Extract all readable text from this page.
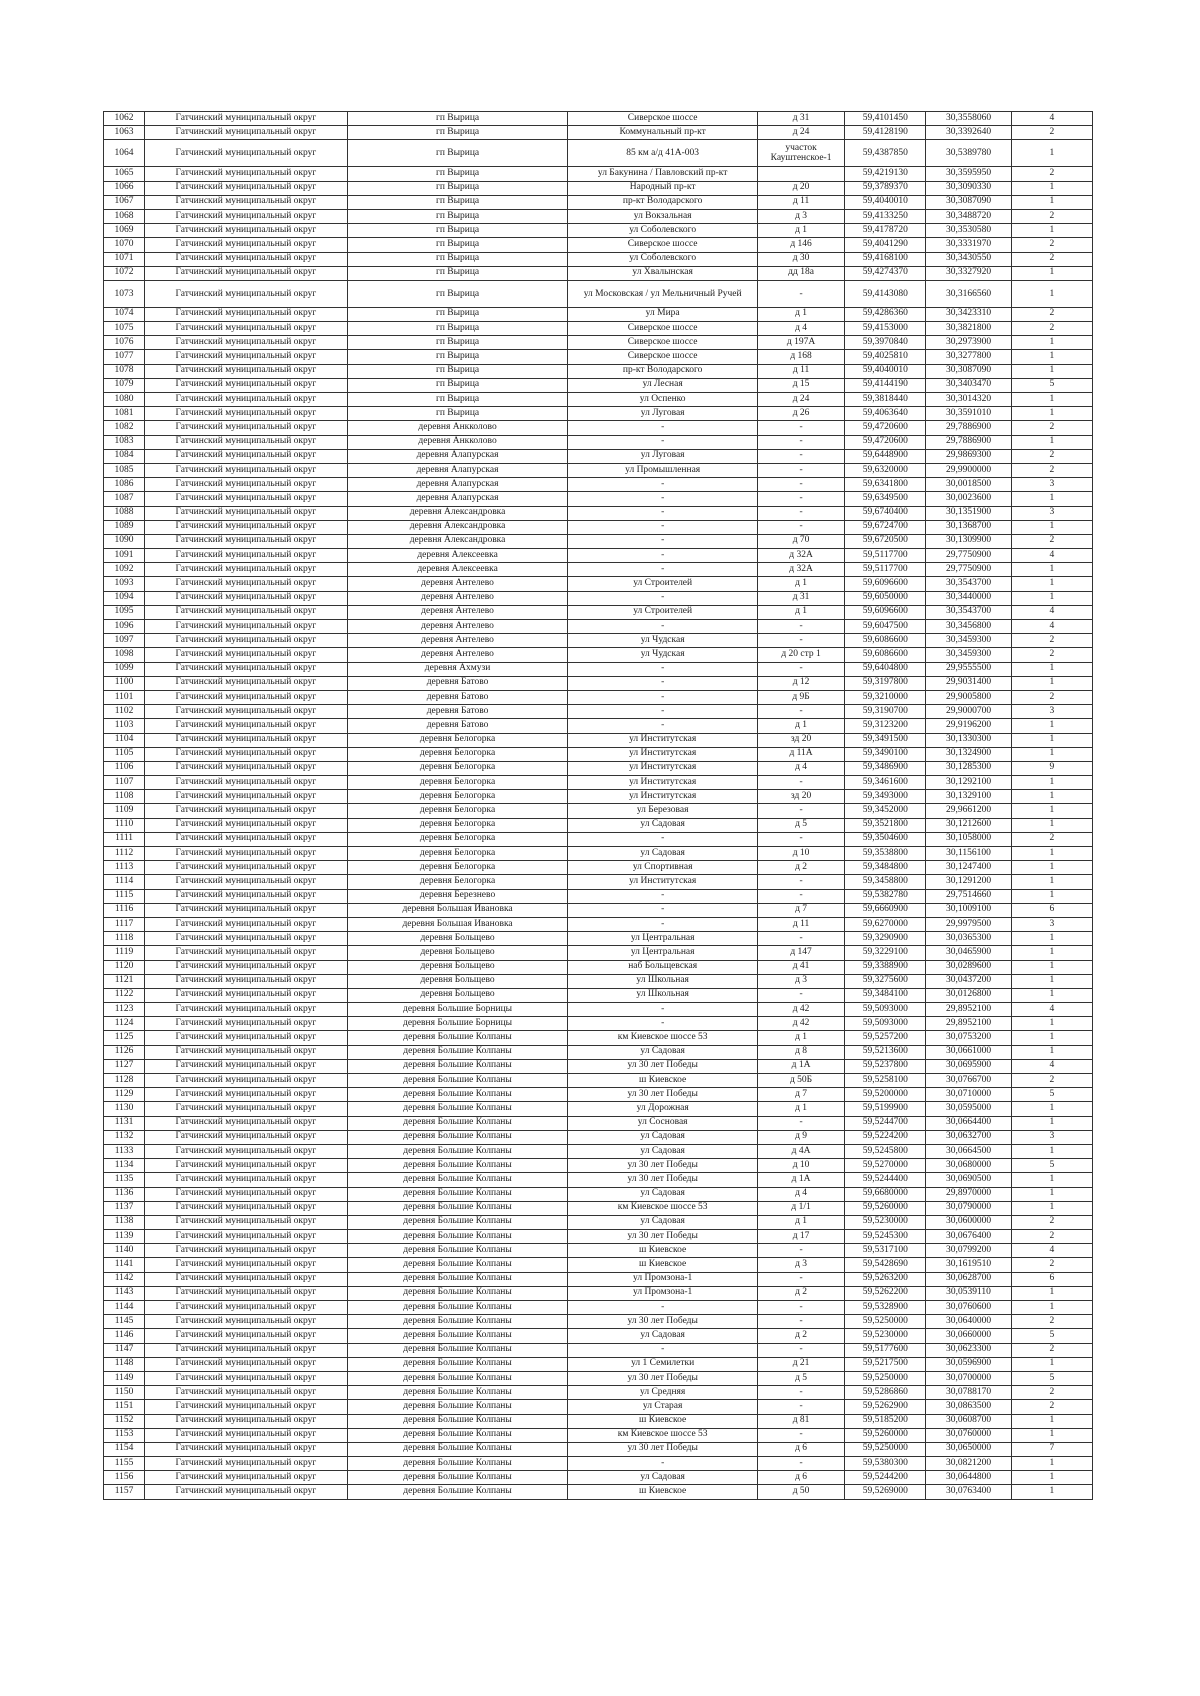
1062	Гатчинский муниципальный округ	гп Вырица	Сиверское шоссе	д 31	59,4101450	30,3558060	4
1063	Гатчинский муниципальный округ	гп Вырица	Коммунальный пр-кт	д 24	59,4128190	30,3392640	2
1064	Гатчинский муниципальный округ	гп Вырица	85 км а/д 41А-003	участок Кауштенское-1	59,4387850	30,5389780	1
1065	Гатчинский муниципальный округ	гп Вырица	ул Бакунина / Павловский пр-кт		59,4219130	30,3595950	2
1066	Гатчинский муниципальный округ	гп Вырица	Народный пр-кт	д 20	59,3789370	30,3090330	1
1067	Гатчинский муниципальный округ	гп Вырица	пр-кт Володарского	д 11	59,4040010	30,3087090	1
1068	Гатчинский муниципальный округ	гп Вырица	ул Вокзальная	д 3	59,4133250	30,3488720	2
1069	Гатчинский муниципальный округ	гп Вырица	ул Соболевского	д 1	59,4178720	30,3530580	1
1070	Гатчинский муниципальный округ	гп Вырица	Сиверское шоссе	д 146	59,4041290	30,3331970	2
1071	Гатчинский муниципальный округ	гп Вырица	ул Соболевского	д 30	59,4168100	30,3430550	2
1072	Гатчинский муниципальный округ	гп Вырица	ул Хвалынская	дд 18а	59,4274370	30,3327920	1
1073	Гатчинский муниципальный округ	гп Вырица	ул Московская / ул Мельничный Ручей	-	59,4143080	30,3166560	1
1074	Гатчинский муниципальный округ	гп Вырица	ул Мира	д 1	59,4286360	30,3423310	2
1075	Гатчинский муниципальный округ	гп Вырица	Сиверское шоссе	д 4	59,4153000	30,3821800	2
1076	Гатчинский муниципальный округ	гп Вырица	Сиверское шоссе	д 197А	59,3970840	30,2973900	1
1077	Гатчинский муниципальный округ	гп Вырица	Сиверское шоссе	д 168	59,4025810	30,3277800	1
1078	Гатчинский муниципальный округ	гп Вырица	пр-кт Володарского	д 11	59,4040010	30,3087090	1
1079	Гатчинский муниципальный округ	гп Вырица	ул Лесная	д 15	59,4144190	30,3403470	5
1080	Гатчинский муниципальный округ	гп Вырица	ул Оспенко	д 24	59,3818440	30,3014320	1
1081	Гатчинский муниципальный округ	гп Вырица	ул Луговая	д 26	59,4063640	30,3591010	1
1082	Гатчинский муниципальный округ	деревня Анкколово	-	-	59,4720600	29,7886900	2
1083	Гатчинский муниципальный округ	деревня Анкколово	-	-	59,4720600	29,7886900	1
1084	Гатчинский муниципальный округ	деревня Алапурская	ул Луговая	-	59,6448900	29,9869300	2
1085	Гатчинский муниципальный округ	деревня Алапурская	ул Промышленная	-	59,6320000	29,9900000	2
1086	Гатчинский муниципальный округ	деревня Алапурская	-	-	59,6341800	30,0018500	3
1087	Гатчинский муниципальный округ	деревня Алапурская	-	-	59,6349500	30,0023600	1
1088	Гатчинский муниципальный округ	деревня Александровка	-	-	59,6740400	30,1351900	3
1089	Гатчинский муниципальный округ	деревня Александровка	-	-	59,6724700	30,1368700	1
1090	Гатчинский муниципальный округ	деревня Александровка	-	д 70	59,6720500	30,1309900	2
1091	Гатчинский муниципальный округ	деревня Алексеевка	-	д 32А	59,5117700	29,7750900	4
1092	Гатчинский муниципальный округ	деревня Алексеевка	-	д 32А	59,5117700	29,7750900	1
1093	Гатчинский муниципальный округ	деревня Антелево	ул Строителей	д 1	59,6096600	30,3543700	1
1094	Гатчинский муниципальный округ	деревня Антелево	-	д 31	59,6050000	30,3440000	1
1095	Гатчинский муниципальный округ	деревня Антелево	ул Строителей	д 1	59,6096600	30,3543700	4
1096	Гатчинский муниципальный округ	деревня Антелево	-	-	59,6047500	30,3456800	4
1097	Гатчинский муниципальный округ	деревня Антелево	ул Чудская	-	59,6086600	30,3459300	2
1098	Гатчинский муниципальный округ	деревня Антелево	ул Чудская	д 20 стр 1	59,6086600	30,3459300	2
1099	Гатчинский муниципальный округ	деревня Ахмузи	-	-	59,6404800	29,9555500	1
1100	Гатчинский муниципальный округ	деревня Батово	-	д 12	59,3197800	29,9031400	1
1101	Гатчинский муниципальный округ	деревня Батово	-	д 9Б	59,3210000	29,9005800	2
1102	Гатчинский муниципальный округ	деревня Батово	-	-	59,3190700	29,9000700	3
1103	Гатчинский муниципальный округ	деревня Батово	-	д 1	59,3123200	29,9196200	1
1104	Гатчинский муниципальный округ	деревня Белогорка	ул Институтская	зд 20	59,3491500	30,1330300	1
1105	Гатчинский муниципальный округ	деревня Белогорка	ул Институтская	д 11А	59,3490100	30,1324900	1
1106	Гатчинский муниципальный округ	деревня Белогорка	ул Институтская	д 4	59,3486900	30,1285300	9
1107	Гатчинский муниципальный округ	деревня Белогорка	ул Институтская	-	59,3461600	30,1292100	1
1108	Гатчинский муниципальный округ	деревня Белогорка	ул Институтская	зд 20	59,3493000	30,1329100	1
1109	Гатчинский муниципальный округ	деревня Белогорка	ул Березовая	-	59,3452000	29,9661200	1
1110	Гатчинский муниципальный округ	деревня Белогорка	ул Садовая	д 5	59,3521800	30,1212600	1
1111	Гатчинский муниципальный округ	деревня Белогорка	-	-	59,3504600	30,1058000	2
1112	Гатчинский муниципальный округ	деревня Белогорка	ул Садовая	д 10	59,3538800	30,1156100	1
1113	Гатчинский муниципальный округ	деревня Белогорка	ул Спортивная	д 2	59,3484800	30,1247400	1
1114	Гатчинский муниципальный округ	деревня Белогорка	ул Институтская	-	59,3458800	30,1291200	1
1115	Гатчинский муниципальный округ	деревня Березнево	-	-	59,5382780	29,7514660	1
1116	Гатчинский муниципальный округ	деревня Большая Ивановка	-	д 7	59,6660900	30,1009100	6
1117	Гатчинский муниципальный округ	деревня Большая Ивановка	-	д 11	59,6270000	29,9979500	3
1118	Гатчинский муниципальный округ	деревня Больщево	ул Центральная	-	59,3290900	30,0365300	1
1119	Гатчинский муниципальный округ	деревня Больщево	ул Центральная	д 147	59,3229100	30,0465900	1
1120	Гатчинский муниципальный округ	деревня Больщево	наб Больщевская	д 41	59,3388900	30,0289600	1
1121	Гатчинский муниципальный округ	деревня Больщево	ул Школьная	д 3	59,3275600	30,0437200	1
1122	Гатчинский муниципальный округ	деревня Больщево	ул Школьная	-	59,3484100	30,0126800	1
1123	Гатчинский муниципальный округ	деревня Большие Борницы	-	д 42	59,5093000	29,8952100	4
1124	Гатчинский муниципальный округ	деревня Большие Борницы	-	д 42	59,5093000	29,8952100	1
1125	Гатчинский муниципальный округ	деревня Большие Колпаны	км Киевское шоссе 53	д 1	59,5257200	30,0753200	1
1126	Гатчинский муниципальный округ	деревня Большие Колпаны	ул Садовая	д 8	59,5213600	30,0661000	1
1127	Гатчинский муниципальный округ	деревня Большие Колпаны	ул 30 лет Победы	д 1А	59,5237800	30,0695900	4
1128	Гатчинский муниципальный округ	деревня Большие Колпаны	ш Киевское	д 50Б	59,5258100	30,0766700	2
1129	Гатчинский муниципальный округ	деревня Большие Колпаны	ул 30 лет Победы	д 7	59,5200000	30,0710000	5
1130	Гатчинский муниципальный округ	деревня Большие Колпаны	ул Дорожная	д 1	59,5199900	30,0595000	1
1131	Гатчинский муниципальный округ	деревня Большие Колпаны	ул Сосновая	-	59,5244700	30,0664400	1
1132	Гатчинский муниципальный округ	деревня Большие Колпаны	ул Садовая	д 9	59,5224200	30,0632700	3
1133	Гатчинский муниципальный округ	деревня Большие Колпаны	ул Садовая	д 4А	59,5245800	30,0664500	1
1134	Гатчинский муниципальный округ	деревня Большие Колпаны	ул 30 лет Победы	д 10	59,5270000	30,0680000	5
1135	Гатчинский муниципальный округ	деревня Большие Колпаны	ул 30 лет Победы	д 1А	59,5244400	30,0690500	1
1136	Гатчинский муниципальный округ	деревня Большие Колпаны	ул Садовая	д 4	59,6680000	29,8970000	1
1137	Гатчинский муниципальный округ	деревня Большие Колпаны	км Киевское шоссе 53	д 1/1	59,5260000	30,0790000	1
1138	Гатчинский муниципальный округ	деревня Большие Колпаны	ул Садовая	д 1	59,5230000	30,0600000	2
1139	Гатчинский муниципальный округ	деревня Большие Колпаны	ул 30 лет Победы	д 17	59,5245300	30,0676400	2
1140	Гатчинский муниципальный округ	деревня Большие Колпаны	ш Киевское	-	59,5317100	30,0799200	4
1141	Гатчинский муниципальный округ	деревня Большие Колпаны	ш Киевское	д 3	59,5428690	30,1619510	2
1142	Гатчинский муниципальный округ	деревня Большие Колпаны	ул Промзона-1	-	59,5263200	30,0628700	6
1143	Гатчинский муниципальный округ	деревня Большие Колпаны	ул Промзона-1	д 2	59,5262200	30,0539110	1
1144	Гатчинский муниципальный округ	деревня Большие Колпаны	-	-	59,5328900	30,0760600	1
1145	Гатчинский муниципальный округ	деревня Большие Колпаны	ул 30 лет Победы	-	59,5250000	30,0640000	2
1146	Гатчинский муниципальный округ	деревня Большие Колпаны	ул Садовая	д 2	59,5230000	30,0660000	5
1147	Гатчинский муниципальный округ	деревня Большие Колпаны	-	-	59,5177600	30,0623300	2
1148	Гатчинский муниципальный округ	деревня Большие Колпаны	ул 1 Семилетки	д 21	59,5217500	30,0596900	1
1149	Гатчинский муниципальный округ	деревня Большие Колпаны	ул 30 лет Победы	д 5	59,5250000	30,0700000	5
1150	Гатчинский муниципальный округ	деревня Большие Колпаны	ул Средняя	-	59,5286860	30,0788170	2
1151	Гатчинский муниципальный округ	деревня Большие Колпаны	ул Старая	-	59,5262900	30,0863500	2
1152	Гатчинский муниципальный округ	деревня Большие Колпаны	ш Киевское	д 81	59,5185200	30,0608700	1
1153	Гатчинский муниципальный округ	деревня Большие Колпаны	км Киевское шоссе 53	-	59,5260000	30,0760000	1
1154	Гатчинский муниципальный округ	деревня Большие Колпаны	ул 30 лет Победы	д 6	59,5250000	30,0650000	7
1155	Гатчинский муниципальный округ	деревня Большие Колпаны	-	-	59,5380300	30,0821200	1
1156	Гатчинский муниципальный округ	деревня Большие Колпаны	ул Садовая	д 6	59,5244200	30,0644800	1
1157	Гатчинский муниципальный округ	деревня Большие Колпаны	ш Киевское	д 50	59,5269000	30,0763400	1
